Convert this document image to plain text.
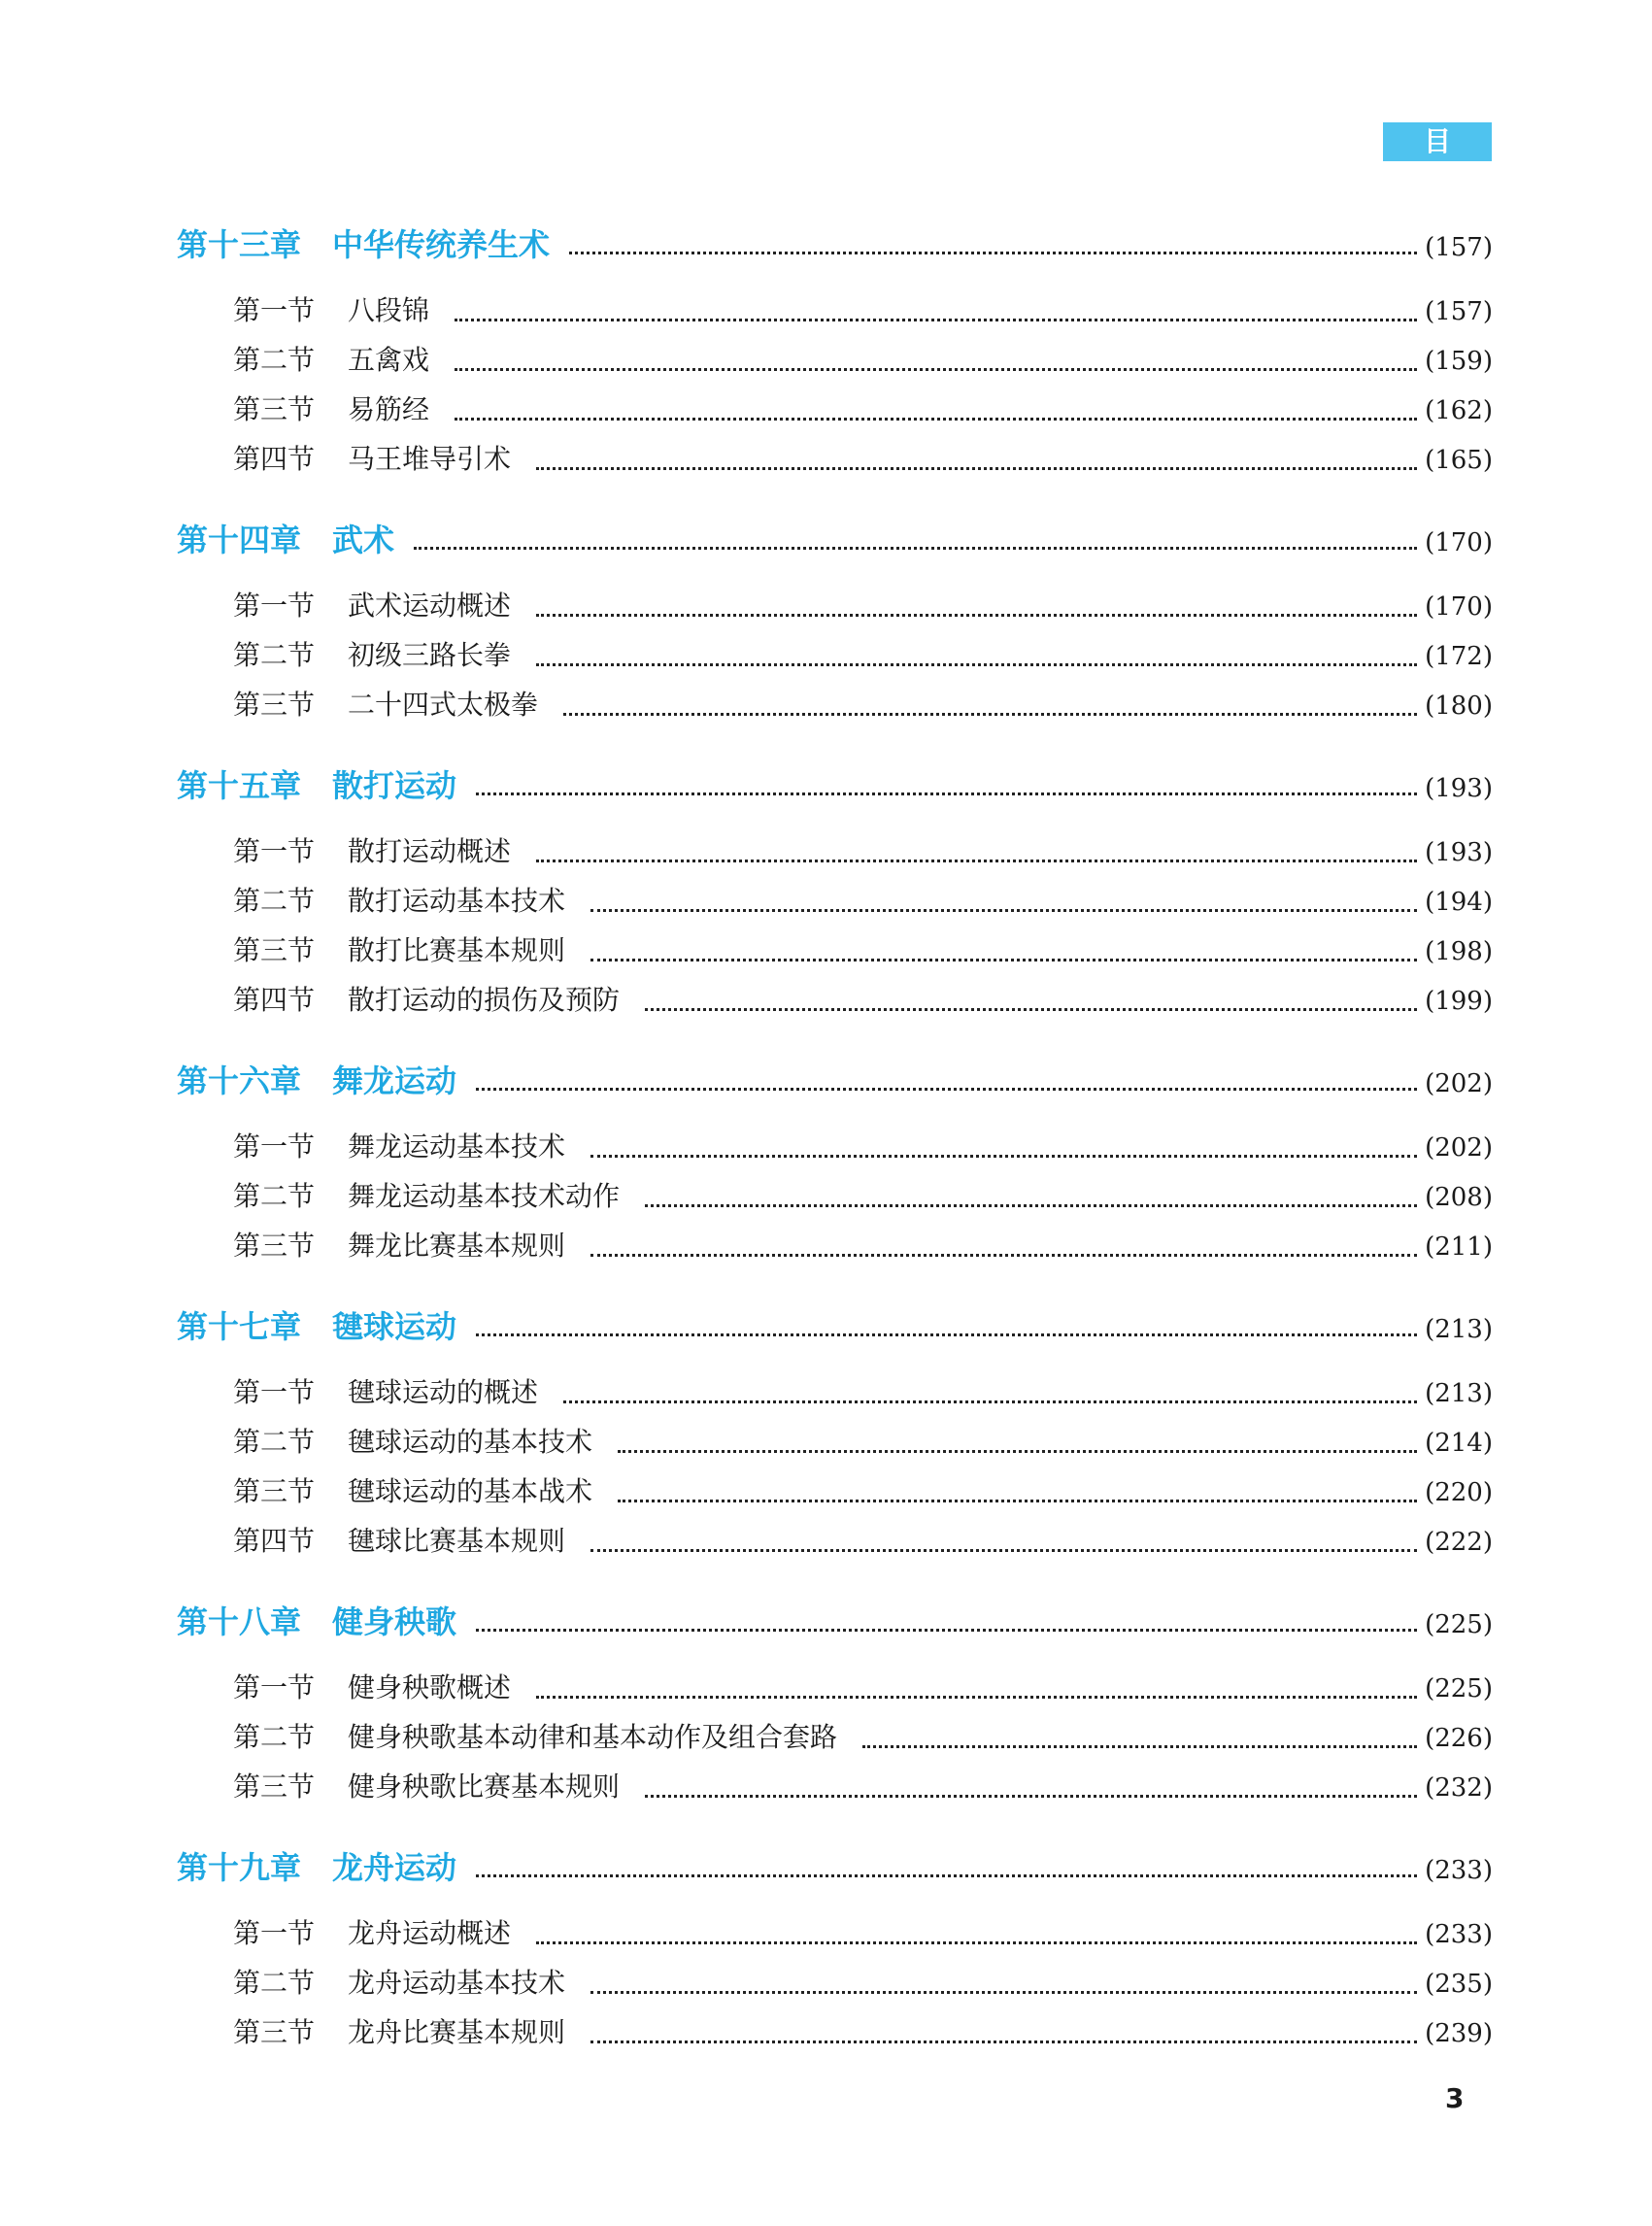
目 录
第十三章 中华传统养生术	(157)
第一节	八段锦	(157)
第二节	五禽戏	(159)
第三节	易筋经	(162)
第四节	马王堆导引术	(165)
第十四章 武术	(170)
第一节	武术运动概述	(170)
第二节	初级三路长拳	(172)
第三节	二十四式太极拳	(180)
第十五章 散打运动	(193)
第一节	散打运动概述	(193)
第二节	散打运动基本技术	(194)
第三节	散打比赛基本规则	(198)
第四节	散打运动的损伤及预防	(199)
第十六章 舞龙运动	(202)
第一节	舞龙运动基本技术	(202)
第二节	舞龙运动基本技术动作	(208)
第三节	舞龙比赛基本规则	(211)
第十七章 毽球运动	(213)
第一节	毽球运动的概述	(213)
第二节	毽球运动的基本技术	(214)
第三节	毽球运动的基本战术	(220)
第四节	毽球比赛基本规则	(222)
第十八章 健身秧歌	(225)
第一节	健身秧歌概述	(225)
第二节	健身秧歌基本动律和基本动作及组合套路	(226)
第三节	健身秧歌比赛基本规则	(232)
第十九章 龙舟运动	(233)
第一节	龙舟运动概述	(233)
第二节	龙舟运动基本技术	(235)
第三节	龙舟比赛基本规则	(239)
3
